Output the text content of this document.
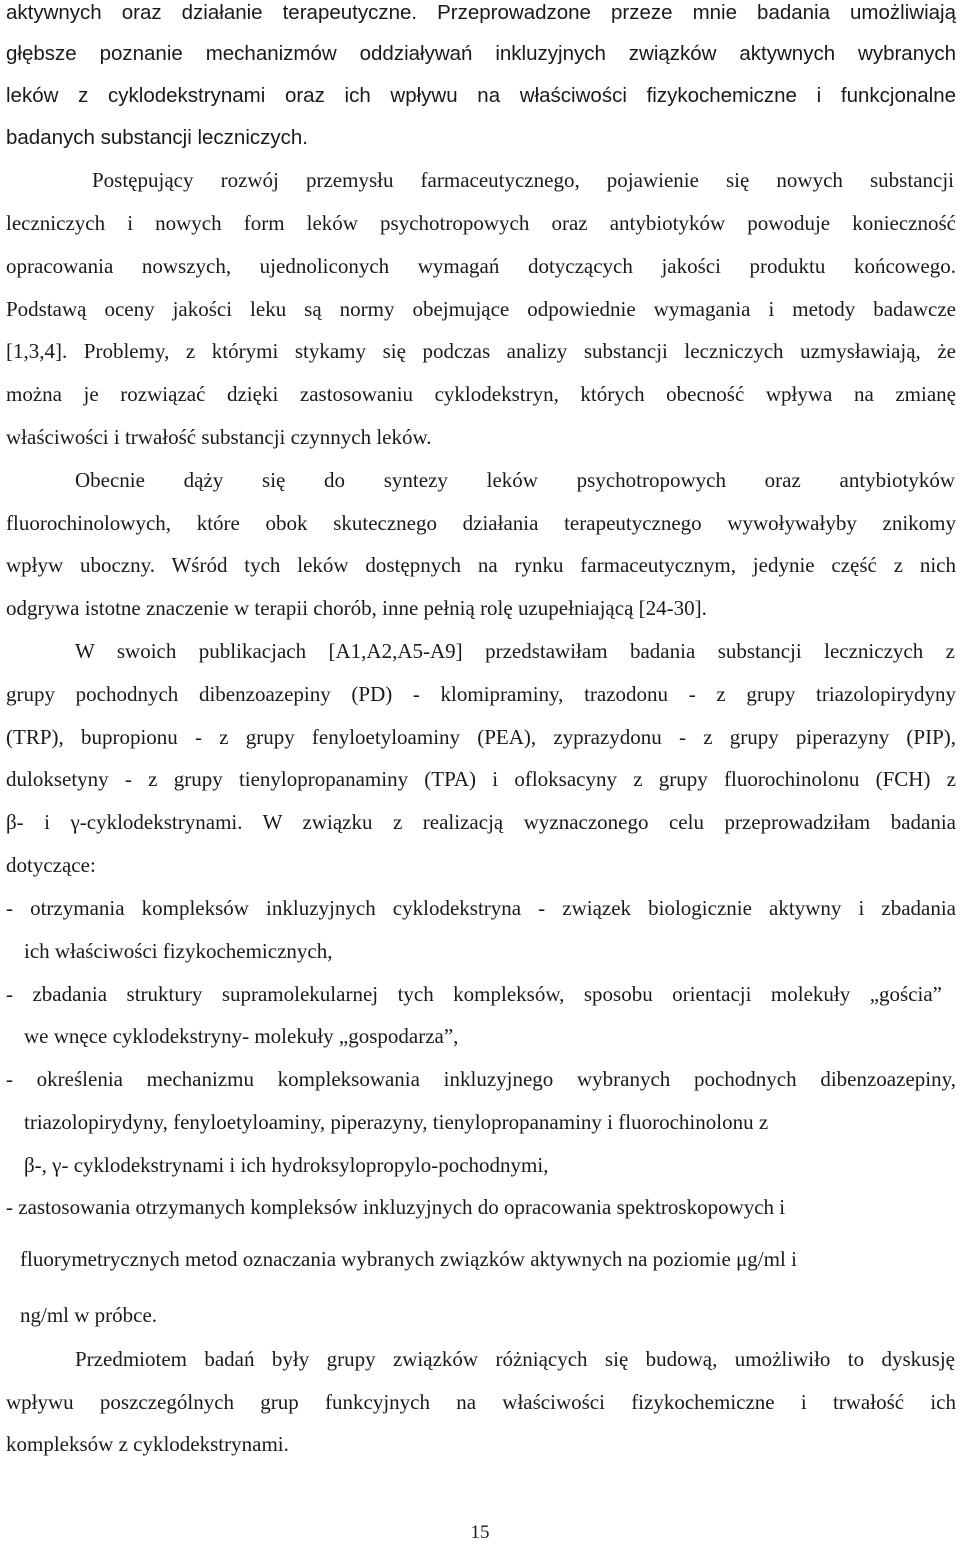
aktywnych oraz działanie terapeutyczne. Przeprowadzone przeze mnie badania umożliwiają
głębsze poznanie mechanizmów oddziaływań inkluzyjnych związków aktywnych wybranych
leków z cyklodekstrynami oraz ich wpływu na właściwości fizykochemiczne i funkcjonalne
badanych substancji leczniczych.
Postępujący rozwój przemysłu farmaceutycznego, pojawienie się nowych substancji
leczniczych i nowych form leków psychotropowych oraz antybiotyków powoduje konieczność
opracowania nowszych, ujednoliconych wymagań dotyczących jakości produktu końcowego.
Podstawą oceny jakości leku są normy obejmujące odpowiednie wymagania i metody badawcze
[1,3,4]. Problemy, z którymi stykamy się podczas analizy substancji leczniczych uzmysławiają, że
można je rozwiązać dzięki zastosowaniu cyklodekstryn, których obecność wpływa na zmianę
właściwości i trwałość substancji czynnych leków.
Obecnie dąży się do syntezy leków psychotropowych oraz antybiotyków
fluorochinolowych, które obok skutecznego działania terapeutycznego wywoływałyby znikomy
wpływ uboczny. Wśród tych leków dostępnych na rynku farmaceutycznym, jedynie część z nich
odgrywa istotne znaczenie w terapii chorób, inne pełnią rolę uzupełniającą [24-30].
W swoich publikacjach [A1,A2,A5-A9] przedstawiłam badania substancji leczniczych z
grupy pochodnych dibenzoazepiny (PD) - klomipraminy, trazodonu - z grupy triazolopirydyny
(TRP), bupropionu - z grupy fenyloetyloaminy (PEA), zyprazydonu - z grupy piperazyny (PIP),
duloksetyny - z grupy tienylopropanaminy (TPA) i ofloksacyny z grupy fluorochinolonu (FCH) z
β- i γ-cyklodekstrynami. W związku z realizacją wyznaczonego celu przeprowadziłam badania
dotyczące:
- otrzymania kompleksów inkluzyjnych cyklodekstryna - związek biologicznie aktywny i zbadania
ich właściwości fizykochemicznych,
- zbadania struktury supramolekularnej tych kompleksów, sposobu orientacji molekuły „gościa”
we wnęce cyklodekstryny- molekuły „gospodarza”,
- określenia mechanizmu kompleksowania inkluzyjnego wybranych pochodnych dibenzoazepiny,
triazolopirydyny, fenyloetyloaminy, piperazyny, tienylopropanaminy i fluorochinolonu z
β-, γ- cyklodekstrynami i ich hydroksylopropylo-pochodnymi,
- zastosowania otrzymanych kompleksów inkluzyjnych do opracowania spektroskopowych i
fluorymetrycznych metod oznaczania wybranych związków aktywnych na poziomie μg/ml i
ng/ml w próbce.
Przedmiotem badań były grupy związków różniących się budową, umożliwiło to dyskusję
wpływu poszczególnych grup funkcyjnych na właściwości fizykochemiczne i trwałość ich
kompleksów z cyklodekstrynami.
15
